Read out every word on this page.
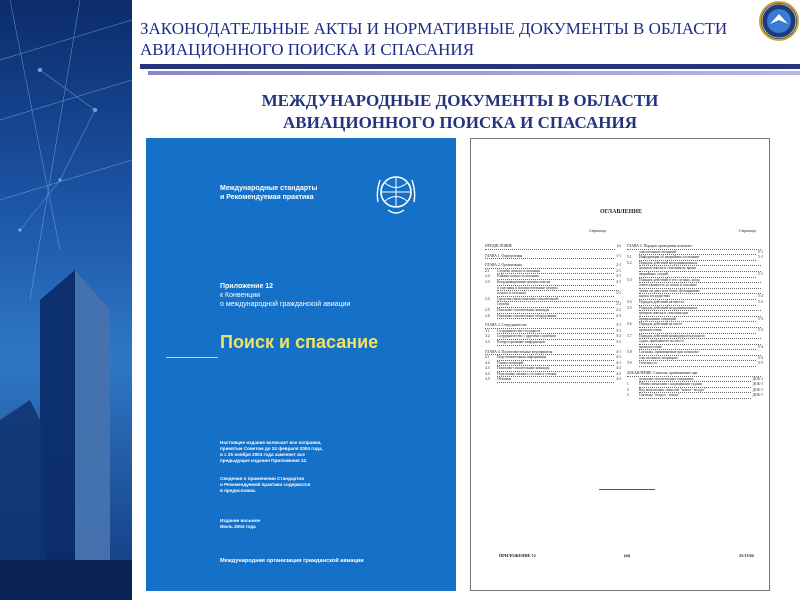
ЗАКОНОДАТЕЛЬНЫЕ АКТЫ И НОРМАТИВНЫЕ ДОКУМЕНТЫ В ОБЛАСТИ
АВИАЦИОННОГО ПОИСКА И СПАСАНИЯ
МЕЖДУНАРОДНЫЕ ДОКУМЕНТЫ В ОБЛАСТИ
АВИАЦИОННОГО ПОИСКА И СПАСАНИЯ
Международные стандарты
и Рекомендуемая практика
Приложение 12
к Конвенции
о международной гражданской авиации
Поиск и спасание
Настоящее издание включает все поправки,
принятые Советом до 24 февраля 2004 года,
и с 25 ноября 2004 года заменяет все
предыдущие издания Приложения 12.
Сведения о применении Стандартов
и Рекомендуемой практики содержатся
в предисловии.
Издание восьмое
Июль 2004 года
Международная организация гражданской авиации
ОГЛАВЛЕНИЕ
Страница	Страница
ПРЕДИСЛОВИЕ	(v)
ГЛАВА 1. Определения	1-1
ГЛАВА 2. Организация	2-1
2.1	Службы поиска и спасания	2-1
2.2	Районы поиска и спасания	2-1
2.3	Координационные центры поиска	2-1
и спасания и вспомогательные центры
поиска и спасания	2-1
2.4	Средства связи поисково-спасательной
службы	2-2
2.5	Поисково-спасательные команды	2-2
2.6	Поисково-спасательное оборудование	2-3
ГЛАВА 3. Сотрудничество	3-1
3.1	Сотрудничество государств	3-1
3.2	Сотрудничество с другими службами	3-2
3.3	Распространение информации	3-2
ГЛАВА 4. Подготовительные мероприятия	4-1
4.1	Подготовительная информация	4-1
4.2	Планы операций	4-1
4.3	Поисково-спасательные команды	4-2
4.4	Подготовка личного состава и учения	4-2
4.5	Обломки	4-2
ГЛАВА 5. Порядок проведения поисково-
спасательных операций	5-1
5.1	Информация об аварийном состоянии	5-1
5.2	Порядок действий координационных
центров поиска и спасания во время
аварийных стадий	5-1
5.3	Порядок действий в тех случаях, когда
ответственность за поиск и спасание
лежит на двух или более Договариваю-
щихся государствах	5-2
5.4	Порядок действий на местах	5-2
5.5	Порядок действий координационных
центров поиска и спасания при
прекращении операций	5-3
5.6	Порядок действий на месте
происшествия	5-3
5.7	Порядок действий командира воздушного
судна, прибывшего на место
происшествия	5-4
5.8	Сигналы, применяемые при поисково-
спасательных операциях	5-4
5.9	Отчетность	5-5
ДОБАВЛЕНИЕ. Сигналы, применяемые при
поисково-спасательных операциях	ДОБ-1
1	Обмен сигналами с надводными судами	ДОБ-1
2	Код визуальных сигналов "земля - воздух"	ДОБ-1
3	Сигналы "воздух - земля"	ДОБ-1
ПРИЛОЖЕНИЕ 12	(iii)	25/11/04
